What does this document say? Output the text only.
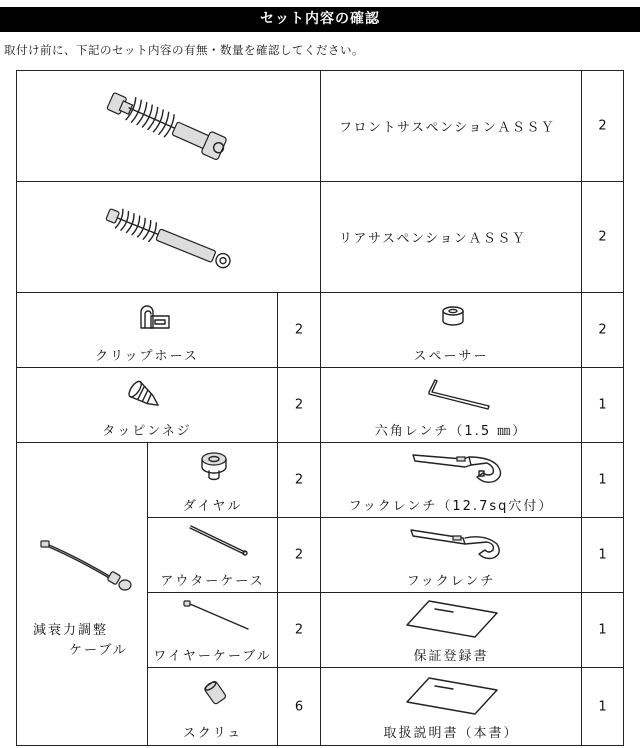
セット内容の確認
取付け前に、下記のセット内容の有無・数量を確認してください。
フロントサスペンションＡＳＳＹ	2
リアサスペンションＡＳＳＹ	2
クリップホース
2
スペーサー
2
タッピンネジ
2
六角レンチ（1.5 ㎜）
1
減衰力調整
ケーブル
ダイヤル
2
アウターケース
2
ワイヤーケーブル
2
スクリュ
6
フックレンチ（12.7sq穴付）
1
フックレンチ
1
保証登録書
1
取扱説明書（本書）
1
